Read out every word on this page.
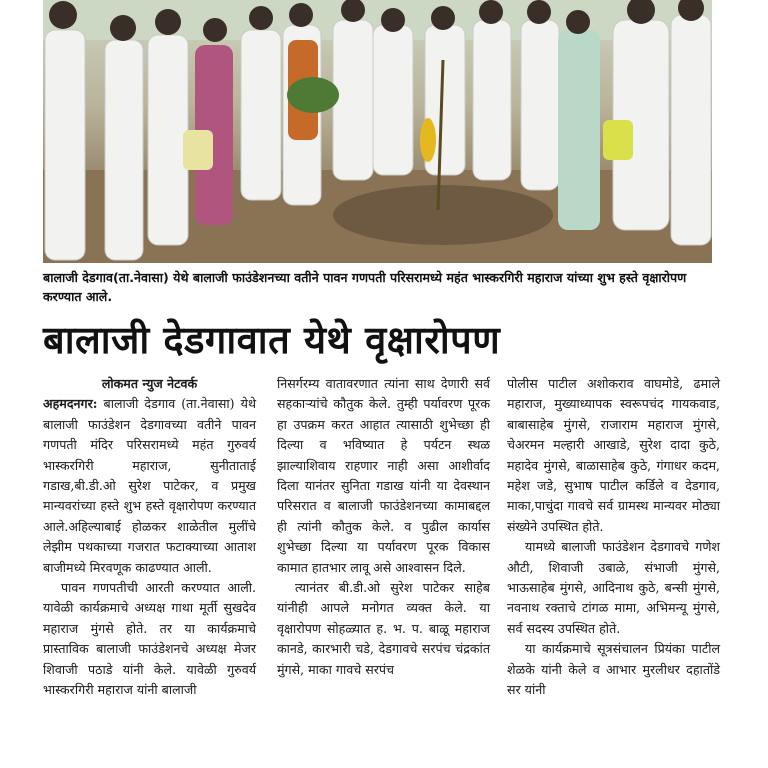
बालाजी देडगाव(ता.नेवासा) येथे बालाजी फाउंडेशनच्या वतीने पावन गणपती परिसरामध्ये महंत भास्करगिरी महाराज यांच्या शुभ हस्ते वृक्षारोपण करण्यात आले.
बालाजी देडगावात येथे वृक्षारोपण

लोकमत न्युज नेटवर्क

अहमदनगर: बालाजी देडगाव (ता.नेवासा) येथे बालाजी फाउंडेशन देडगावच्या वतीने पावन गणपती मंदिर परिसरामध्ये महंत गुरुवर्य भास्करगिरी महाराज, सुनीताताई गडाख,बी.डी.ओ सुरेश पाटेकर, व प्रमुख मान्यवरांच्या हस्ते शुभ हस्ते वृक्षारोपण करण्यात आले.अहिल्याबाई होळकर शाळेतील मुलींचे लेझीम पथकाच्या गजरात फटाक्याच्या आताश बाजीमध्ये मिरवणूक काढण्यात आली.

पावन गणपतीची आरती करण्यात आली. यावेळी कार्यक्रमाचे अध्यक्ष गाथा मूर्ती सुखदेव महाराज मुंगसे होते. तर या कार्यक्रमाचे प्रास्ताविक बालाजी फाउंडेशनचे अध्यक्ष मेजर शिवाजी पठाडे यांनी केले. यावेळी गुरुवर्य भास्करगिरी महाराज यांनी बालाजी

निसर्गरम्य वातावरणात त्यांना साथ देणारी सर्व सहकाऱ्यांचे कौतुक केले. तुम्ही पर्यावरण पूरक हा उपक्रम करत आहात त्यासाठी शुभेच्छा ही दिल्या व भविष्यात हे पर्यटन स्थळ झाल्याशिवाय राहणार नाही असा आशीर्वाद दिला यानंतर सुनिता गडाख यांनी या देवस्थान परिसरात व बालाजी फाउंडेशनच्या कामाबद्दल ही त्यांनी कौतुक केले. व पुढील कार्यास शुभेच्छा दिल्या या पर्यावरण पूरक विकास कामात हातभार लावू असे आश्वासन दिले.

त्यानंतर बी.डी.ओ सुरेश पाटेकर साहेब यांनीही आपले मनोगत व्यक्त केले. या वृक्षारोपण सोहळ्यात ह. भ. प. बाळू महाराज कानडे, कारभारी चडे, देडगावचे सरपंच चंद्रकांत मुंगसे, माका गावचे सरपंच

पोलीस पाटील अशोकराव वाघमोडे, ढमाले महाराज, मुख्याध्यापक स्वरूपचंद गायकवाड, बाबासाहेब मुंगसे, राजाराम महाराज मुंगसे, चेअरमन मल्हारी आखाडे, सुरेश दादा कुठे, महादेव मुंगसे, बाळासाहेब कुठे, गंगाधर कदम, महेश जडे, सुभाष पाटील कर्डिले व देडगाव, माका,पाचुंदा गावचे सर्व ग्रामस्थ मान्यवर मोठ्या संख्येने उपस्थित होते.

यामध्ये बालाजी फाउंडेशन देडगावचे गणेश औटी, शिवाजी उबाळे, संभाजी मुंगसे, भाऊसाहेब मुंगसे, आदिनाथ कुठे, बन्सी मुंगसे, नवनाथ रक्ताचे टांगळ मामा, अभिमन्यू मुंगसे, सर्व सदस्य उपस्थित होते.

या कार्यक्रमाचे सूत्रसंचालन प्रियंका पाटील शेळके यांनी केले व आभार मुरलीधर दहातोंडे सर यांनी
